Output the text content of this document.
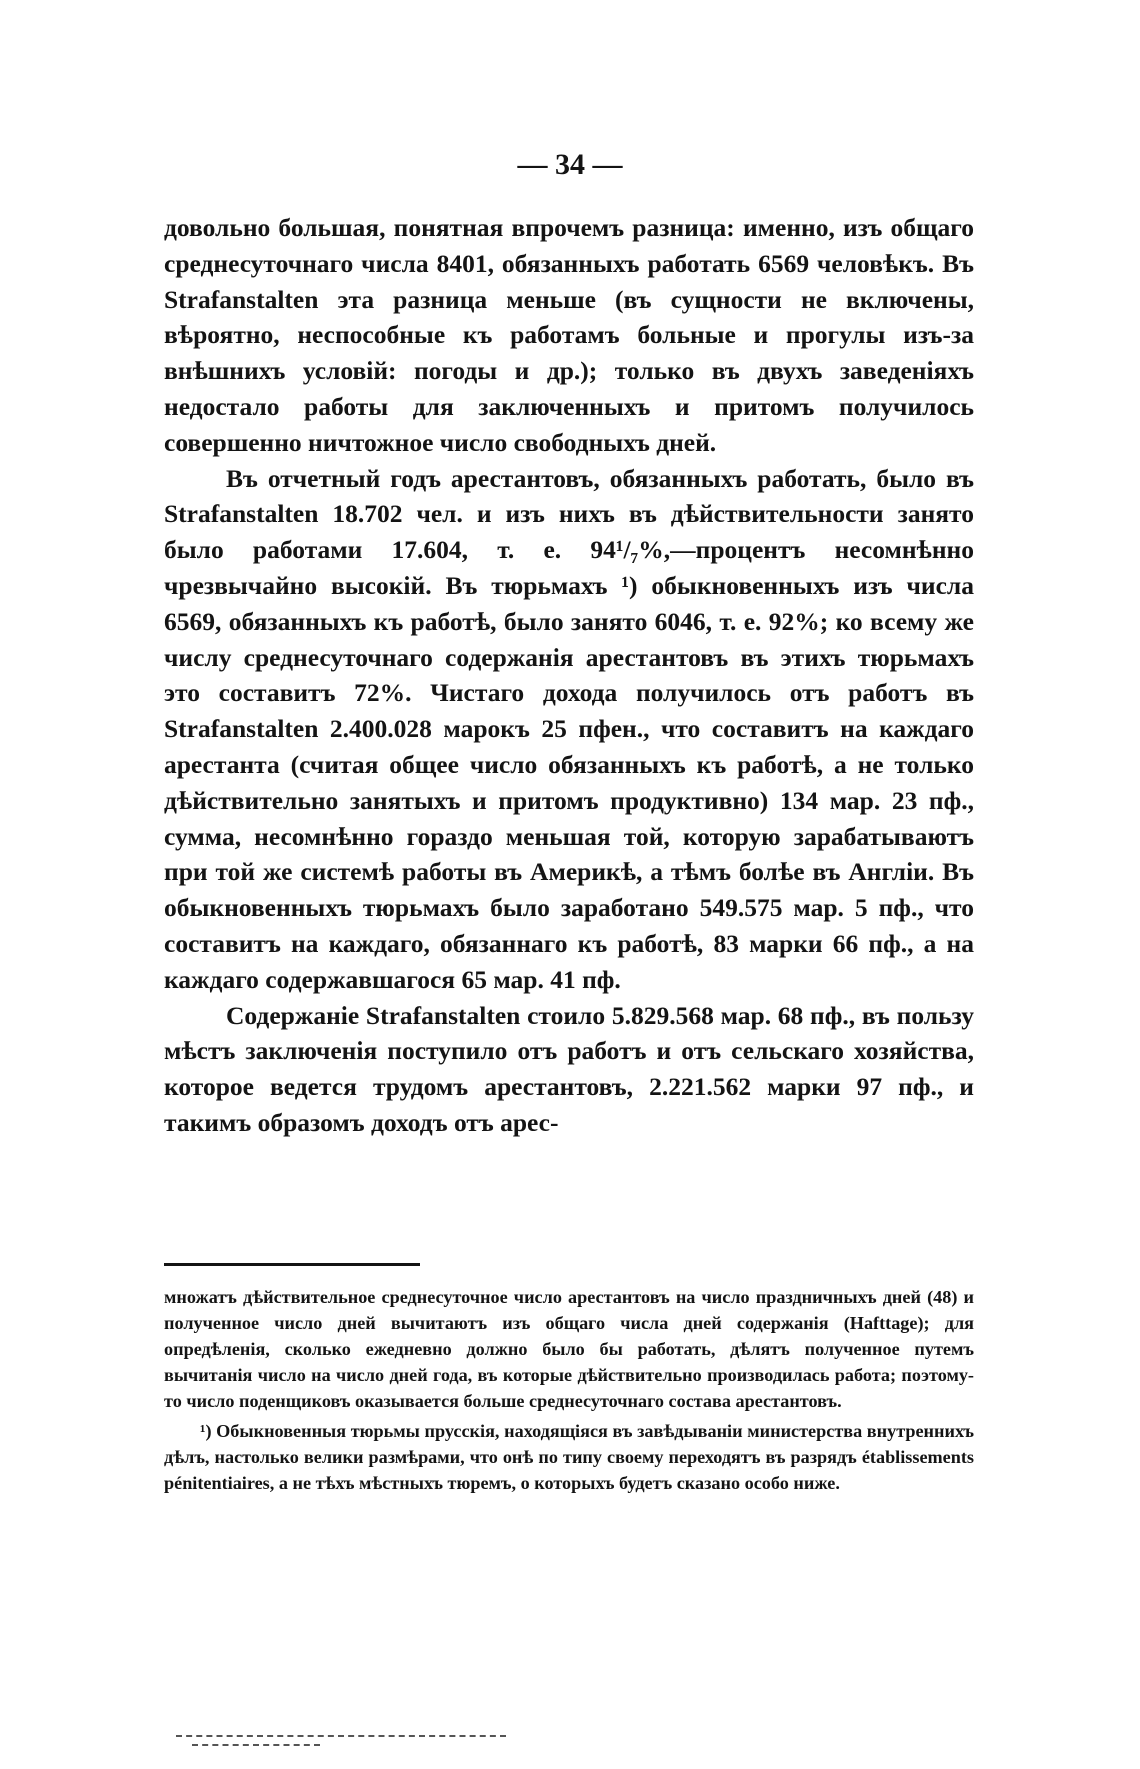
— 34 —

довольно большая, понятная впрочемъ разница: именно, изъ общаго среднесуточнаго числа 8401, обязанныхъ работать 6569 человѣкъ. Въ Strafanstalten эта разница меньше (въ сущности не включены, вѣроятно, неспособные къ работамъ больные и прогулы изъ-за внѣшнихъ условій: погоды и др.); только въ двухъ заведеніяхъ недостало работы для заключенныхъ и притомъ получилось совершенно ничтожное число свободныхъ дней.

Въ отчетный годъ арестантовъ, обязанныхъ работать, было въ Strafanstalten 18.702 чел. и изъ нихъ въ дѣйствительности занято было работами 17.604, т. е. 94¹/₇%,—процентъ несомнѣнно чрезвычайно высокій. Въ тюрьмахъ ¹) обыкновенныхъ изъ числа 6569, обязанныхъ къ работѣ, было занято 6046, т. е. 92%; ко всему же числу среднесуточнаго содержанія арестантовъ въ этихъ тюрьмахъ это составитъ 72%. Чистаго дохода получилось отъ работъ въ Strafanstalten 2.400.028 марокъ 25 пфен., что составитъ на каждаго арестанта (считая общее число обязанныхъ къ работѣ, а не только дѣйствительно занятыхъ и притомъ продуктивно) 134 мар. 23 пф., сумма, несомнѣнно гораздо меньшая той, которую зарабатываютъ при той же системѣ работы въ Америкѣ, а тѣмъ болѣе въ Англіи. Въ обыкновенныхъ тюрьмахъ было заработано 549.575 мар. 5 пф., что составитъ на каждаго, обязаннаго къ работѣ, 83 марки 66 пф., а на каждаго содержавшагося 65 мар. 41 пф.

Содержаніе Strafanstalten стоило 5.829.568 мар. 68 пф., въ пользу мѣстъ заключенія поступило отъ работъ и отъ сельскаго хозяйства, которое ведется трудомъ арестантовъ, 2.221.562 марки 97 пф., и такимъ образомъ доходъ отъ арес-

множатъ дѣйствительное среднесуточное число арестантовъ на число праздничныхъ дней (48) и полученное число дней вычитаютъ изъ общаго числа дней содержанія (Hafttage); для опредѣленія, сколько ежедневно должно было бы работать, дѣлятъ полученное путемъ вычитанія число на число дней года, въ которые дѣйствительно производилась работа; поэтому-то число поденщиковъ оказывается больше среднесуточнаго состава арестантовъ.

¹) Обыкновенныя тюрьмы прусскія, находящіяся въ завѣдываніи министерства внутреннихъ дѣлъ, настолько велики размѣрами, что онѣ по типу своему переходятъ въ разрядъ établissements pénitentiaires, а не тѣхъ мѣстныхъ тюремъ, о которыхъ будетъ сказано особо ниже.
